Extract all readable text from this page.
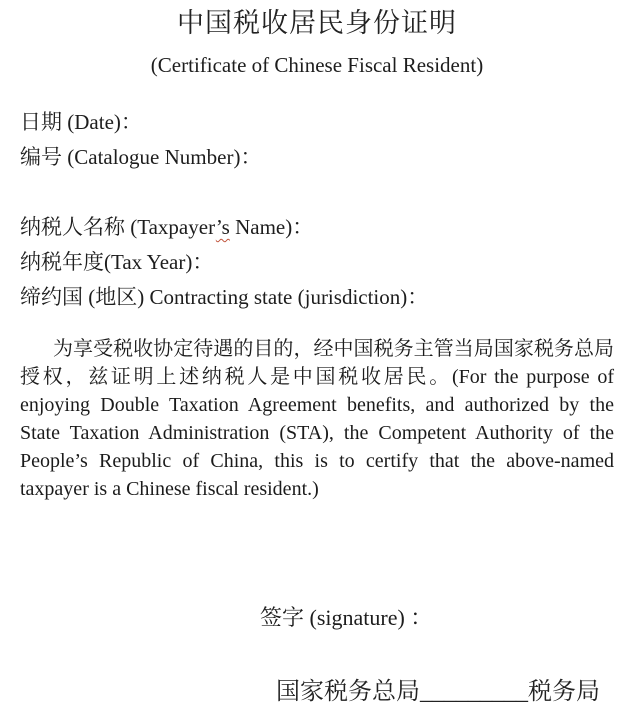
中国税收居民身份证明
(Certificate of Chinese Fiscal Resident)
日期 (Date)：
编号 (Catalogue Number)：
纳税人名称 (Taxpayer’s Name)：
纳税年度(Tax Year)：
缔约国 (地区) Contracting state (jurisdiction)：

为享受税收协定待遇的目的，经中国税务主管当局国家税务总局授权，兹证明上述纳税人是中国税收居民。(For the purpose of enjoying Double Taxation Agreement benefits, and authorized by the State Taxation Administration (STA), the Competent Authority of the People’s Republic of China, this is to certify that the above-named taxpayer is a Chinese fiscal resident.)

签字 (signature) ：
国家税务总局_________税务局
